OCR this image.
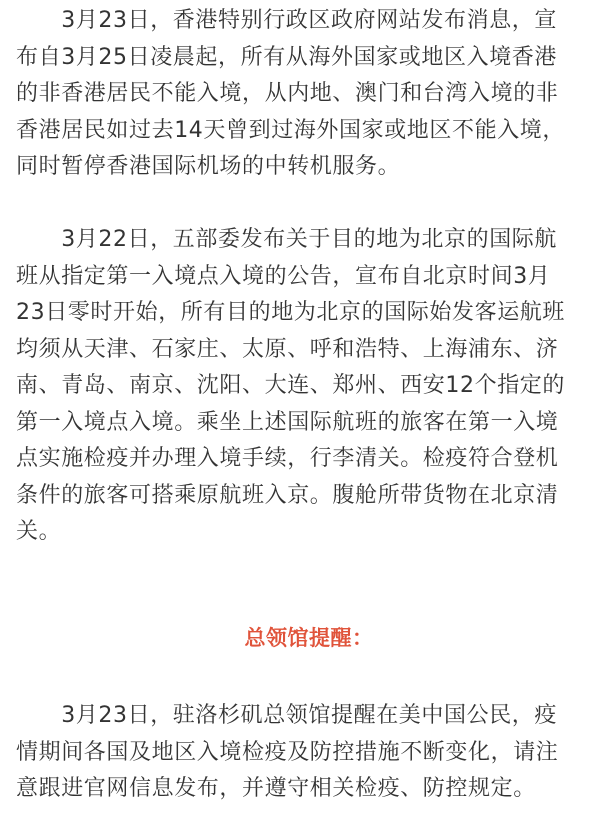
　　3月23日，香港特别行政区政府网站发布消息，宣
布自3月25日凌晨起，所有从海外国家或地区入境香港
的非香港居民不能入境，从内地、澳门和台湾入境的非
香港居民如过去14天曾到过海外国家或地区不能入境，
同时暂停香港国际机场的中转机服务。

　　3月22日，五部委发布关于目的地为北京的国际航
班从指定第一入境点入境的公告，宣布自北京时间3月
23日零时开始，所有目的地为北京的国际始发客运航班
均须从天津、石家庄、太原、呼和浩特、上海浦东、济
南、青岛、南京、沈阳、大连、郑州、西安12个指定的
第一入境点入境。乘坐上述国际航班的旅客在第一入境
点实施检疫并办理入境手续，行李清关。检疫符合登机
条件的旅客可搭乘原航班入京。腹舱所带货物在北京清
关。

总领馆提醒：

　　3月23日，驻洛杉矶总领馆提醒在美中国公民，疫
情期间各国及地区入境检疫及防控措施不断变化，请注
意跟进官网信息发布，并遵守相关检疫、防控规定。
